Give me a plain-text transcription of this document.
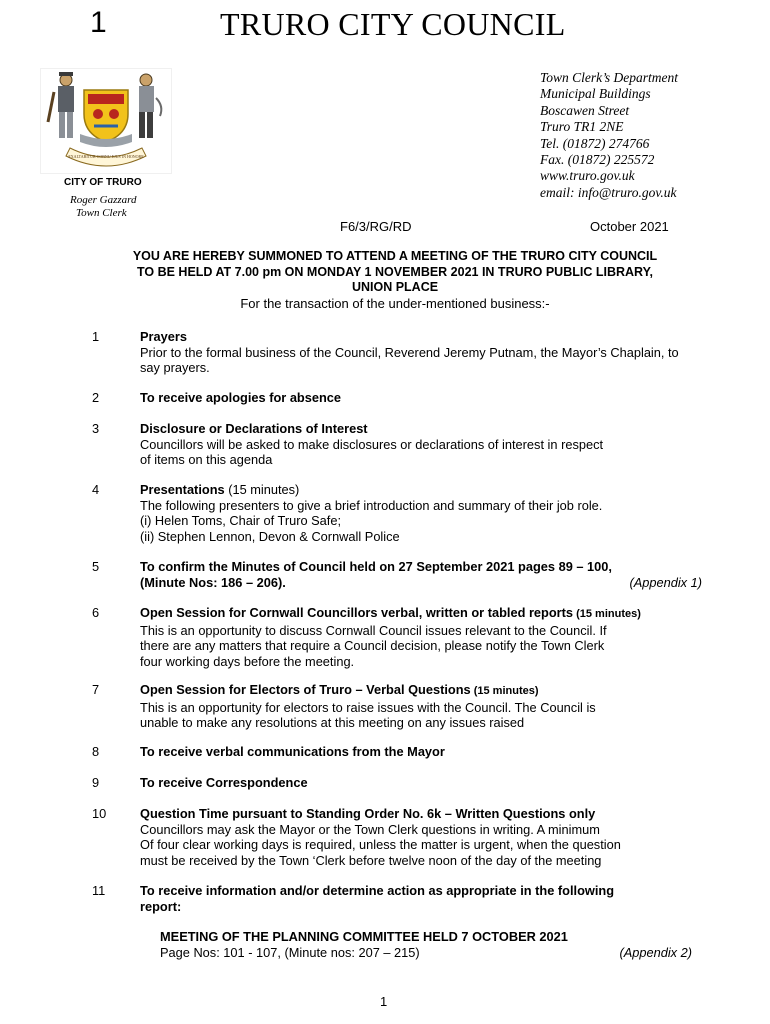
1	TRURO CITY COUNCIL
EXALTABITUR CORNU EJUS IN HONORE
CITY OF TRURO
Roger Gazzard
Town Clerk
Town Clerk’s Department
Municipal Buildings
Boscawen Street
Truro TR1 2NE
Tel. (01872) 274766
Fax. (01872) 225572
www.truro.gov.uk
email: info@truro.gov.uk
F6/3/RG/RD	October 2021
YOU ARE HEREBY SUMMONED TO ATTEND A MEETING OF THE TRURO CITY COUNCIL
TO BE HELD AT 7.00 pm ON MONDAY 1 NOVEMBER 2021 IN TRURO PUBLIC LIBRARY,
UNION PLACE
For the transaction of the under-mentioned business:-
1	Prayers
Prior to the formal business of the Council, Reverend Jeremy Putnam, the Mayor’s Chaplain, to
say prayers.
2	To receive apologies for absence
3	Disclosure or Declarations of Interest
Councillors will be asked to make disclosures or declarations of interest in respect
of items on this agenda
4	Presentations (15 minutes)
The following presenters to give a brief introduction and summary of their job role.
(i) Helen Toms, Chair of Truro Safe;
(ii) Stephen Lennon, Devon & Cornwall Police
5	To confirm the Minutes of Council held on 27 September 2021 pages 89 – 100,
(Minute Nos: 186 – 206).	(Appendix 1)
6	Open Session for Cornwall Councillors verbal, written or tabled reports (15 minutes)
This is an opportunity to discuss Cornwall Council issues relevant to the Council. If
there are any matters that require a Council decision, please notify the Town Clerk
four working days before the meeting.
7	Open Session for Electors of Truro – Verbal Questions (15 minutes)
This is an opportunity for electors to raise issues with the Council. The Council is
unable to make any resolutions at this meeting on any issues raised
8	To receive verbal communications from the Mayor
9	To receive Correspondence
10	Question Time pursuant to Standing Order No. 6k – Written Questions only
Councillors may ask the Mayor or the Town Clerk questions in writing. A minimum
Of four clear working days is required, unless the matter is urgent, when the question
must be received by the Town ‘Clerk before twelve noon of the day of the meeting
11	To receive information and/or determine action as appropriate in the following
report:
MEETING OF THE PLANNING COMMITTEE HELD 7 OCTOBER 2021
Page Nos: 101 - 107, (Minute nos: 207 – 215)	(Appendix 2)
1
